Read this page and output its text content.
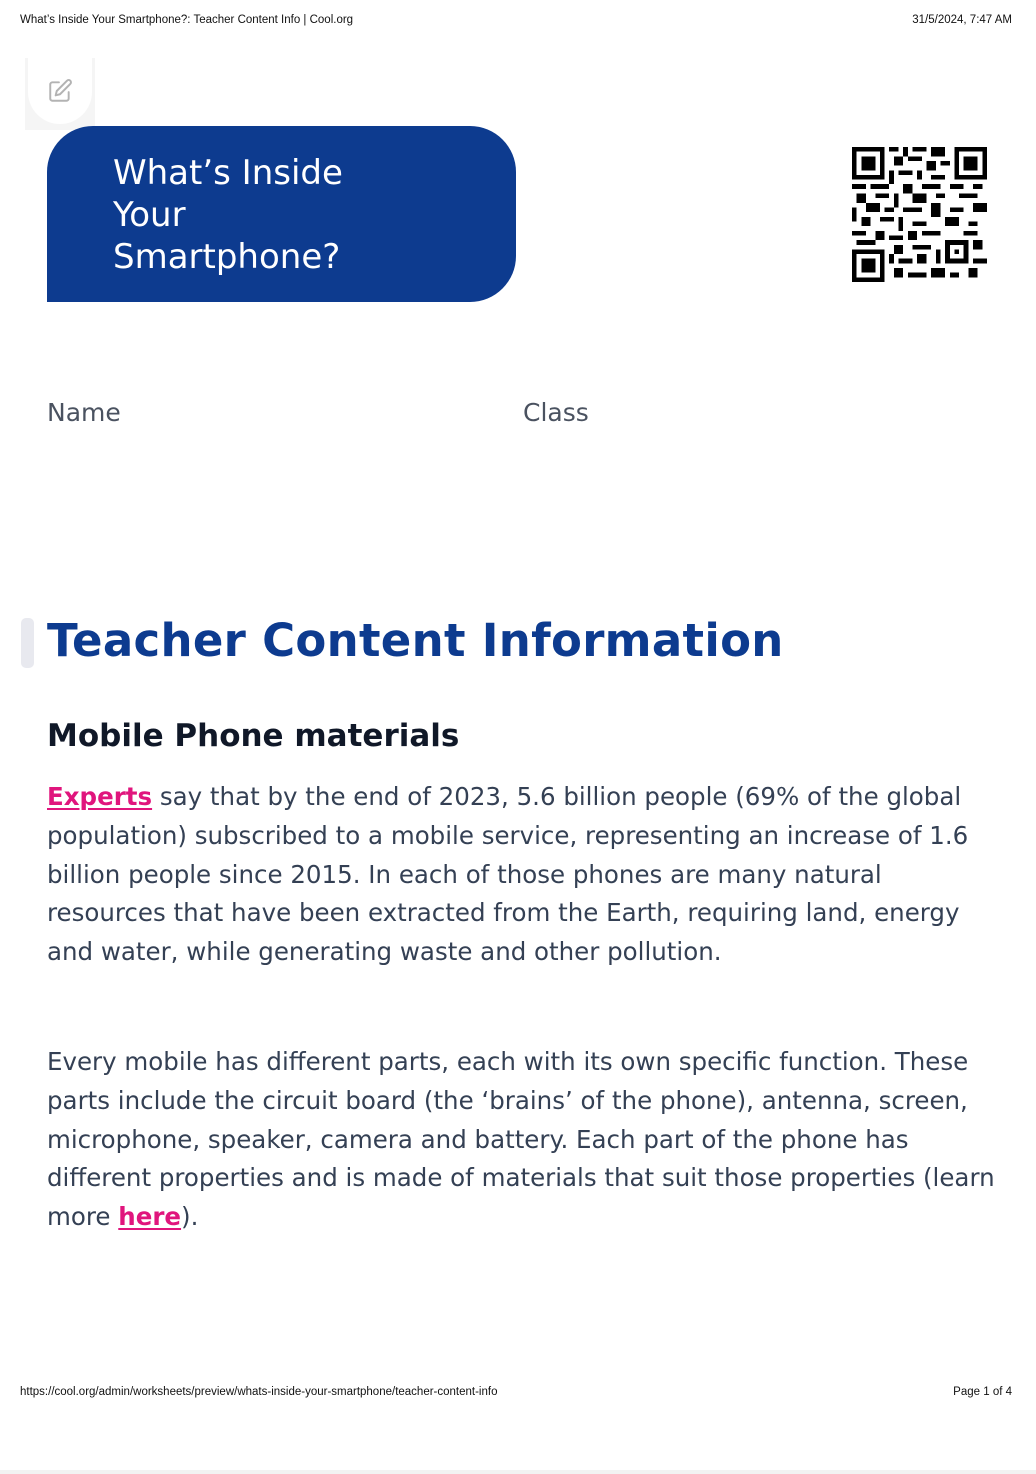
What’s Inside Your Smartphone?: Teacher Content Info | Cool.org	31/5/2024, 7:47 AM
What’s Inside Your Smartphone?
Name	Class
Teacher Content Information
Mobile Phone materials

Experts say that by the end of 2023, 5.6 billion people (69% of the global population) subscribed to a mobile service, representing an increase of 1.6 billion people since 2015. In each of those phones are many natural resources that have been extracted from the Earth, requiring land, energy and water, while generating waste and other pollution.

Every mobile has different parts, each with its own specific function. These parts include the circuit board (the ‘brains’ of the phone), antenna, screen, microphone, speaker, camera and battery. Each part of the phone has different properties and is made of materials that suit those properties (learn more here).

https://cool.org/admin/worksheets/preview/whats-inside-your-smartphone/teacher-content-info	Page 1 of 4
